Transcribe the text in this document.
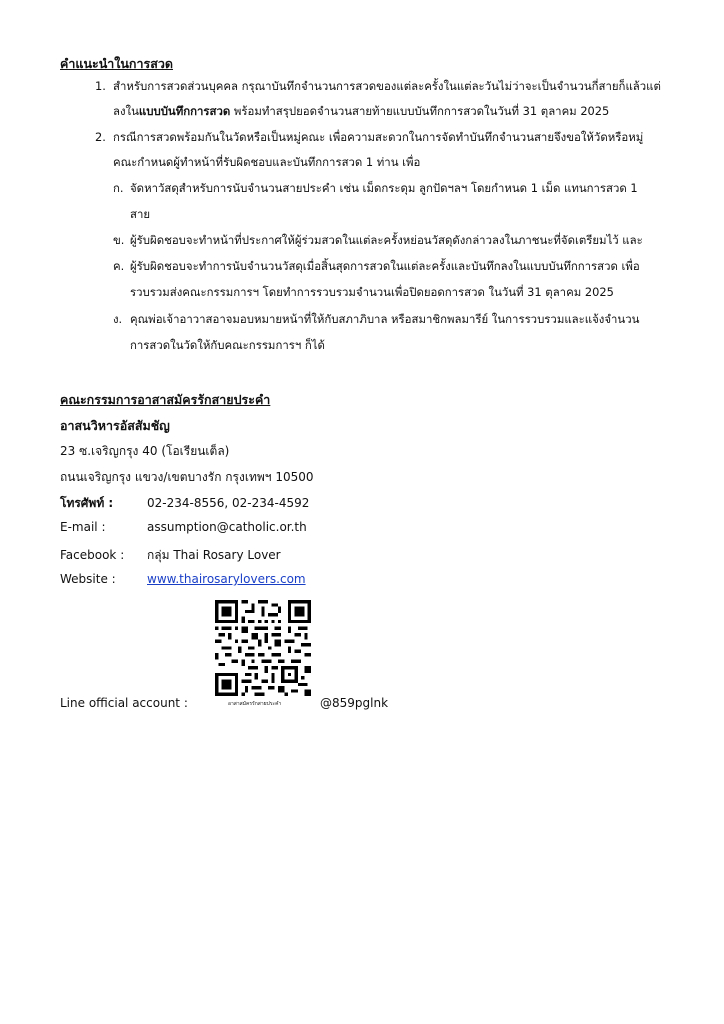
คำแนะนำในการสวด
1. สำหรับการสวดส่วนบุคคล กรุณาบันทึกจำนวนการสวดของแต่ละครั้งในแต่ละวันไม่ว่าจะเป็นจำนวนกี่สายก็แล้วแต่
ลงในแบบบันทึกการสวด พร้อมทำสรุปยอดจำนวนสายท้ายแบบบันทึกการสวดในวันที่ 31 ตุลาคม 2025
2. กรณีการสวดพร้อมกันในวัดหรือเป็นหมู่คณะ เพื่อความสะดวกในการจัดทำบันทึกจำนวนสายจึงขอให้วัดหรือหมู่
คณะกำหนดผู้ทำหน้าที่รับผิดชอบและบันทึกการสวด 1 ท่าน เพื่อ
ก. จัดหาวัสดุสำหรับการนับจำนวนสายประคำ เช่น เม็ดกระดุม ลูกปัดฯลฯ โดยกำหนด 1 เม็ด แทนการสวด 1
สาย
ข. ผู้รับผิดชอบจะทำหน้าที่ประกาศให้ผู้ร่วมสวดในแต่ละครั้งหย่อนวัสดุดังกล่าวลงในภาชนะที่จัดเตรียมไว้ และ
ค. ผู้รับผิดชอบจะทำการนับจำนวนวัสดุเมื่อสิ้นสุดการสวดในแต่ละครั้งและบันทึกลงในแบบบันทึกการสวด เพื่อ
รวบรวมส่งคณะกรรมการฯ โดยทำการรวบรวมจำนวนเพื่อปิดยอดการสวด ในวันที่ 31 ตุลาคม 2025
ง. คุณพ่อเจ้าอาวาสอาจมอบหมายหน้าที่ให้กับสภาภิบาล หรือสมาชิกพลมารีย์ ในการรวบรวมและแจ้งจำนวน
การสวดในวัดให้กับคณะกรรมการฯ ก็ได้
คณะกรรมการอาสาสมัครรักสายประคำ
อาสนวิหารอัสสัมชัญ
23 ซ.เจริญกรุง 40 (โอเรียนเต็ล)
ถนนเจริญกรุง แขวง/เขตบางรัก กรุงเทพฯ 10500
โทรศัพท์ :	02-234-8556, 02-234-4592
E-mail :	assumption@catholic.or.th
Facebook : กลุ่ม Thai Rosary Lover
Website :	www.thairosarylovers.com
Line official account :	อาสาสมัครรักสายประคำ	@859pglnk
